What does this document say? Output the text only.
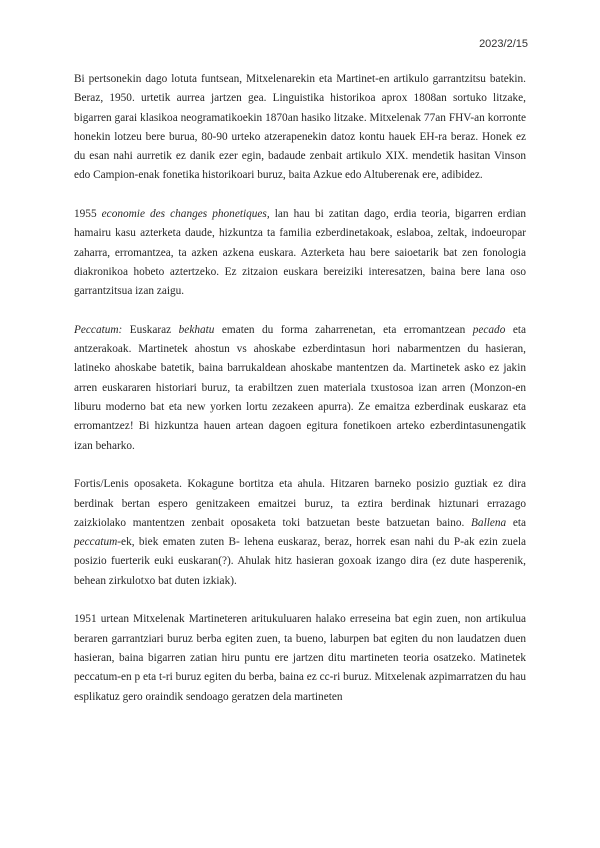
2023/2/15

Bi pertsonekin dago lotuta funtsean, Mitxelenarekin eta Martinet-en artikulo garrantzitsu batekin. Beraz, 1950. urtetik aurrea jartzen gea. Linguistika historikoa aprox 1808an sortuko litzake, bigarren garai klasikoa neogramatikoekin 1870an hasiko litzake. Mitxelenak 77an FHV-an korronte honekin lotzeu bere burua, 80-90 urteko atzerapenekin datoz kontu hauek EH-ra beraz. Honek ez du esan nahi aurretik ez danik ezer egin, badaude zenbait artikulo XIX. mendetik hasitan Vinson edo Campion-enak fonetika historikoari buruz, baita Azkue edo Altuberenak ere, adibidez.

1955 economie des changes phonetiques, lan hau bi zatitan dago, erdia teoria, bigarren erdian hamairu kasu azterketa daude, hizkuntza ta familia ezberdinetakoak, eslaboa, zeltak, indoeuropar zaharra, erromantzea, ta azken azkena euskara. Azterketa hau bere saioetarik bat zen fonologia diakronikoa hobeto aztertzeko. Ez zitzaion euskara bereiziki interesatzen, baina bere lana oso garrantzitsua izan zaigu.

Peccatum: Euskaraz bekhatu ematen du forma zaharrenetan, eta erromantzean pecado eta antzerakoak. Martinetek ahostun vs ahoskabe ezberdintasun hori nabarmentzen du hasieran, latineko ahoskabe batetik, baina barrukaldean ahoskabe mantentzen da. Martinetek asko ez jakin arren euskararen historiari buruz, ta erabiltzen zuen materiala txustosoa izan arren (Monzon-en liburu moderno bat eta new yorken lortu zezakeen apurra). Ze emaitza ezberdinak euskaraz eta erromantzez! Bi hizkuntza hauen artean dagoen egitura fonetikoen arteko ezberdintasunengatik izan beharko.

Fortis/Lenis oposaketa. Kokagune bortitza eta ahula. Hitzaren barneko posizio guztiak ez dira berdinak bertan espero genitzakeen emaitzei buruz, ta eztira berdinak hiztunari errazago zaizkiolako mantentzen zenbait oposaketa toki batzuetan beste batzuetan baino. Ballena eta peccatum-ek, biek ematen zuten B- lehena euskaraz, beraz, horrek esan nahi du P-ak ezin zuela posizio fuerterik euki euskaran(?). Ahulak hitz hasieran goxoak izango dira (ez dute hasperenik, behean zirkulotxo bat duten izkiak).

1951 urtean Mitxelenak Martineteren aritukuluaren halako erreseina bat egin zuen, non artikulua beraren garrantziari buruz berba egiten zuen, ta bueno, laburpen bat egiten du non laudatzen duen hasieran, baina bigarren zatian hiru puntu ere jartzen ditu martineten teoria osatzeko. Matinetek peccatum-en p eta t-ri buruz egiten du berba, baina ez cc-ri buruz. Mitxelenak azpimarratzen du hau esplikatuz gero oraindik sendoago geratzen dela martineten
